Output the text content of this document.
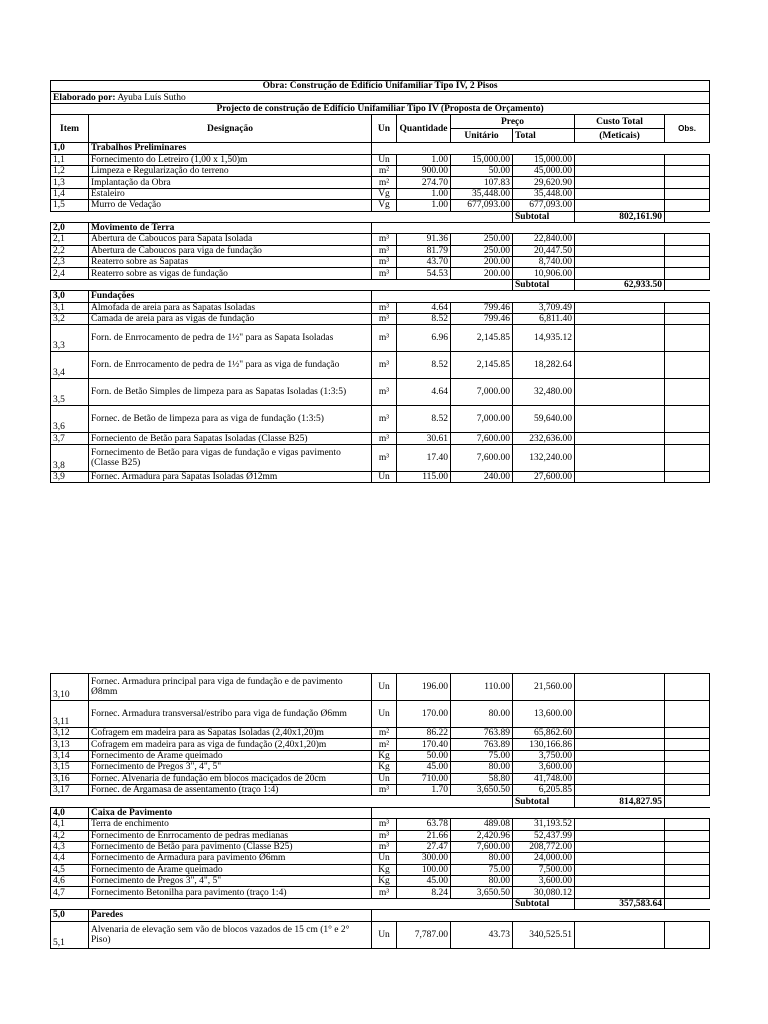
Obra: Construção de Edifício Unifamiliar Tipo IV, 2 Pisos							
Elaborado por: Ayuba Luís Sutho							
Projecto de construção de Edifício Unifamiliar Tipo IV (Proposta de Orçamento)							
Item	Designação	Un	Quantidade	Preço		Custo Total	Obs.
				Unitário	Total	(Meticais)	
1,0	Trabalhos Preliminares						
1,1	Fornecimento do Letreiro (1,00 x 1,50)m	Un	1.00	15,000.00	15,000.00		
1,2	Limpeza e Regularização do terreno	m²	900.00	50.00	45,000.00		
1,3	Implantação da Obra	m²	274.70	107.83	29,620.90		
1,4	Estaleiro	Vg	1.00	35,448.00	35,448.00		
1,5	Murro de Vedação	Vg	1.00	677,093.00	677,093.00		
					Subtotal	802,161.90	
2,0	Movimento de Terra						
2,1	Abertura de Caboucos para Sapata Isolada	m³	91.36	250.00	22,840.00		
2,2	Abertura de Caboucos para viga de fundação	m³	81.79	250.00	20,447.50		
2,3	Reaterro sobre as Sapatas	m³	43.70	200.00	8,740.00		
2,4	Reaterro sobre as vigas de fundação	m³	54.53	200.00	10,906.00		
					Subtotal	62,933.50	
3,0	Fundações						
3,1	Almofada de areia para as Sapatas Isoladas	m³	4.64	799.46	3,709.49		
3,2	Camada de areia para as vigas de fundação	m³	8.52	799.46	6,811.40		
3,3	Forn. de Enrrocamento de pedra de 1½" para as Sapata Isoladas	m³	6.96	2,145.85	14,935.12		
3,4	Forn. de Enrrocamento de pedra de 1½" para as viga de fundação	m³	8.52	2,145.85	18,282.64		
3,5	Forn. de Betão Simples de limpeza para as Sapatas Isoladas (1:3:5)	m³	4.64	7,000.00	32,480.00		
3,6	Fornec. de Betão de limpeza para as viga de fundação (1:3:5)	m³	8.52	7,000.00	59,640.00		
3,7	Forneciento de Betão para Sapatas Isoladas (Classe B25)	m³	30.61	7,600.00	232,636.00		
3,8	Fornecimento de Betão para vigas de fundação e vigas pavimento (Classe B25)	m³	17.40	7,600.00	132,240.00		
3,9	Fornec. Armadura para Sapatas Isoladas Ø12mm	Un	115.00	240.00	27,600.00		
3,10	Fornec. Armadura principal para viga de fundação e de pavimento Ø8mm	Un	196.00	110.00	21,560.00		
3,11	Fornec. Armadura transversal/estribo para viga de fundação Ø6mm	Un	170.00	80.00	13,600.00		
3,12	Cofragem em madeira para as Sapatas Isoladas (2,40x1,20)m	m²	86.22	763.89	65,862.60		
3,13	Cofragem em madeira para as viga de fundação (2,40x1,20)m	m²	170.40	763.89	130,166.86		
3,14	Fornecimento de Arame queimado	Kg	50.00	75.00	3,750.00		
3,15	Fornecimento de Pregos 3", 4", 5"	Kg	45.00	80.00	3,600.00		
3,16	Fornec. Alvenaria de fundação em blocos maciçados de 20cm	Un	710.00	58.80	41,748.00		
3,17	Fornec. de Argamasa de assentamento (traço 1:4)	m³	1.70	3,650.50	6,205.85		
					Subtotal	814,827.95	
4,0	Caixa de Pavimento						
4,1	Terra de enchimento	m³	63.78	489.08	31,193.52		
4,2	Fornecimento de Enrrocamento de pedras medianas	m³	21.66	2,420.96	52,437.99		
4,3	Fornecimento de Betão para pavimento (Classe B25)	m³	27.47	7,600.00	208,772.00		
4,4	Fornecimento de Armadura para pavimento Ø6mm	Un	300.00	80.00	24,000.00		
4,5	Fornecimento de Arame queimado	Kg	100.00	75.00	7,500.00		
4,6	Fornecimento de Pregos 3", 4", 5"	Kg	45.00	80.00	3,600.00		
4,7	Fornecimento Betonilha para pavimento (traço 1:4)	m³	8.24	3,650.50	30,080.12		
					Subtotal	357,583.64	
5,0	Paredes						
5,1	Alvenaria de elevação sem vão de blocos vazados de 15 cm (1° e 2° Piso)	Un	7,787.00	43.73	340,525.51		
